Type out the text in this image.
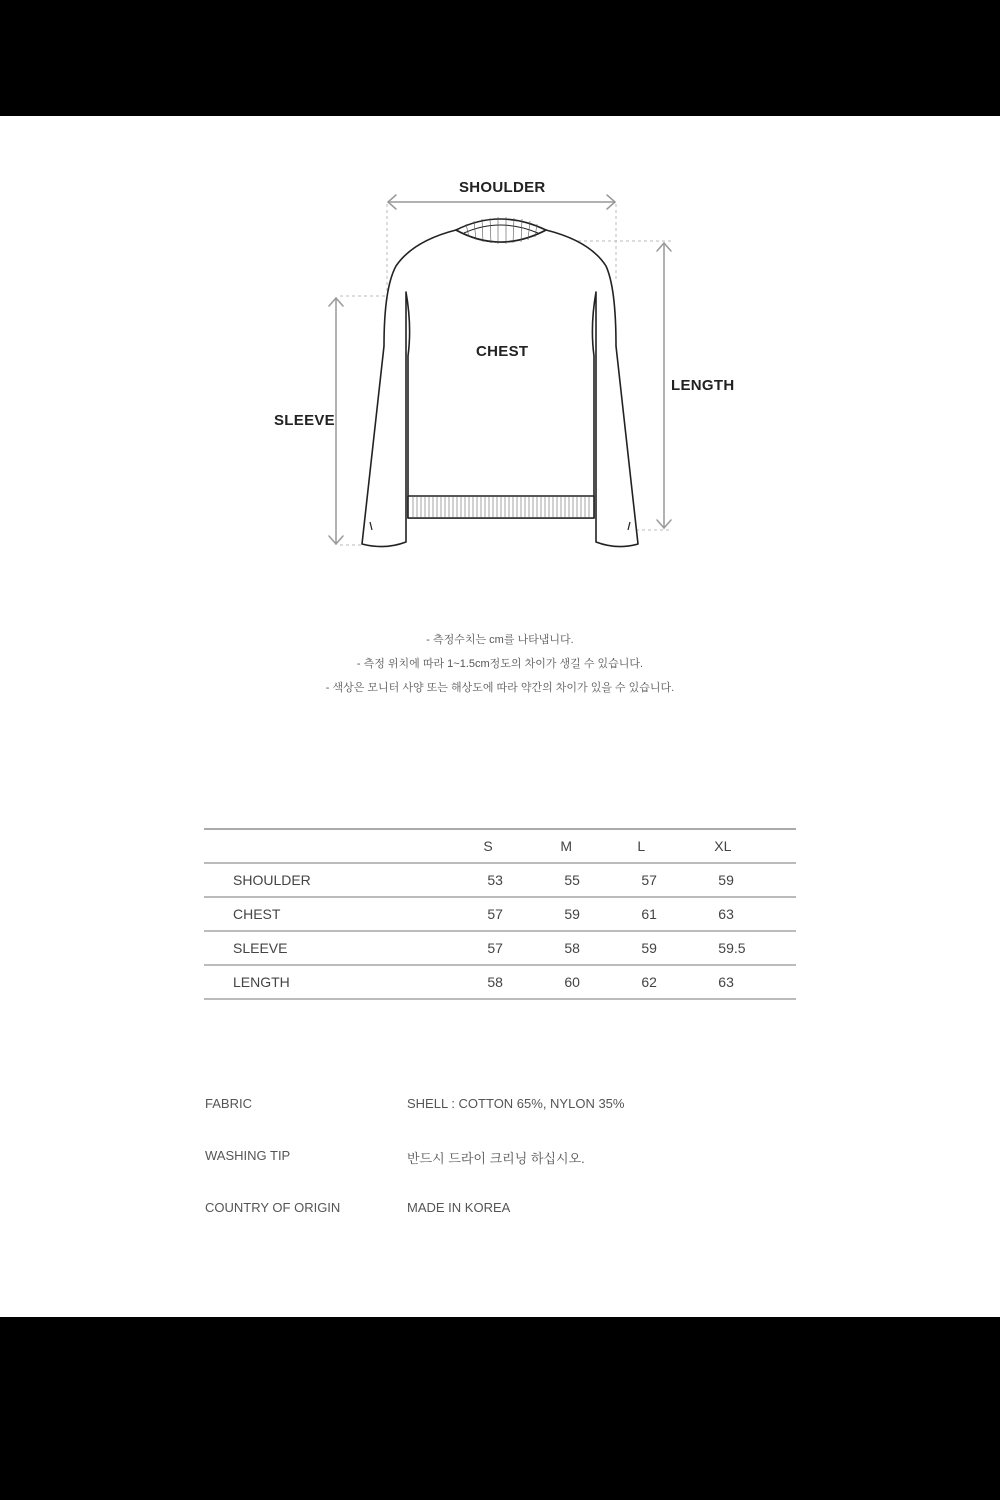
SHOULDER
CHEST
SLEEVE
LENGTH
- 측정수치는 cm를 나타냅니다.
- 측정 위치에 따라 1~1.5cm정도의 차이가 생길 수 있습니다.
- 색상은 모니터 사양 또는 해상도에 따라 약간의 차이가 있을 수 있습니다.
	S	M	L	XL
SHOULDER	53	55	57	59
CHEST	57	59	61	63
SLEEVE	57	58	59	59.5
LENGTH	58	60	62	63
FABRIC	SHELL : COTTON 65%, NYLON 35%
WASHING TIP	반드시 드라이 크리닝 하십시오.
COUNTRY OF ORIGIN	MADE IN KOREA
